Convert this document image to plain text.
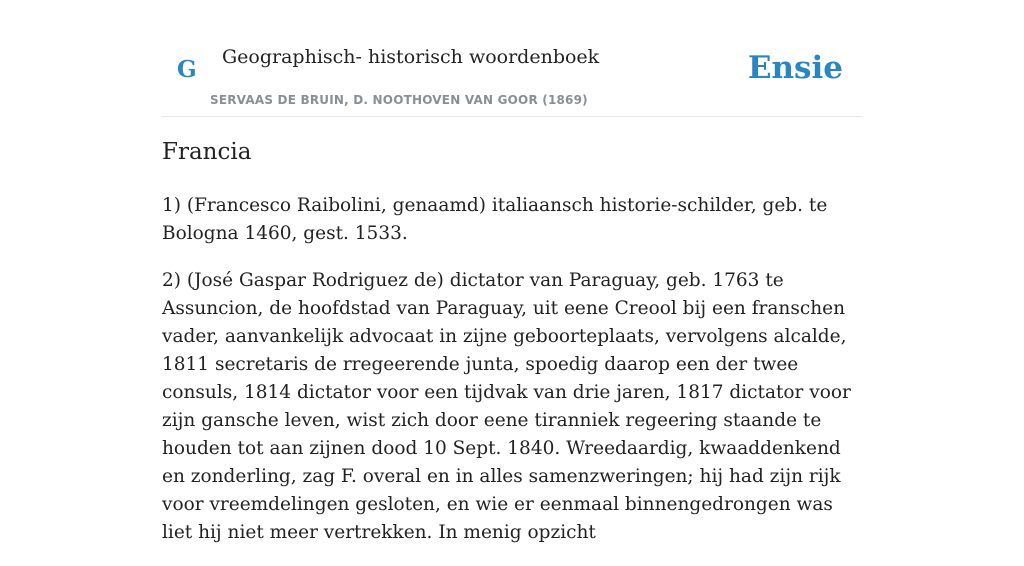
G Geographisch- historisch woordenboek
SERVAAS DE BRUIN, D. NOOTHOVEN VAN GOOR (1869)
Ensie
Francia

1) (Francesco Raibolini, genaamd) italiaansch historie-schilder, geb. te Bologna 1460, gest. 1533.

2) (José Gaspar Rodriguez de) dictator van Paraguay, geb. 1763 te Assuncion, de hoofdstad van Paraguay, uit eene Creool bij een franschen vader, aanvankelijk advocaat in zijne geboorteplaats, vervolgens alcalde, 1811 secretaris de rregeerende junta, spoedig daarop een der twee consuls, 1814 dictator voor een tijdvak van drie jaren, 1817 dictator voor zijn gansche leven, wist zich door eene tiranniek regeering staande te houden tot aan zijnen dood 10 Sept. 1840. Wreedaardig, kwaaddenkend en zonderling, zag F. overal en in alles samenzweringen; hij had zijn rijk voor vreemdelingen gesloten, en wie er eenmaal binnengedrongen was liet hij niet meer vertrekken. In menig opzicht
